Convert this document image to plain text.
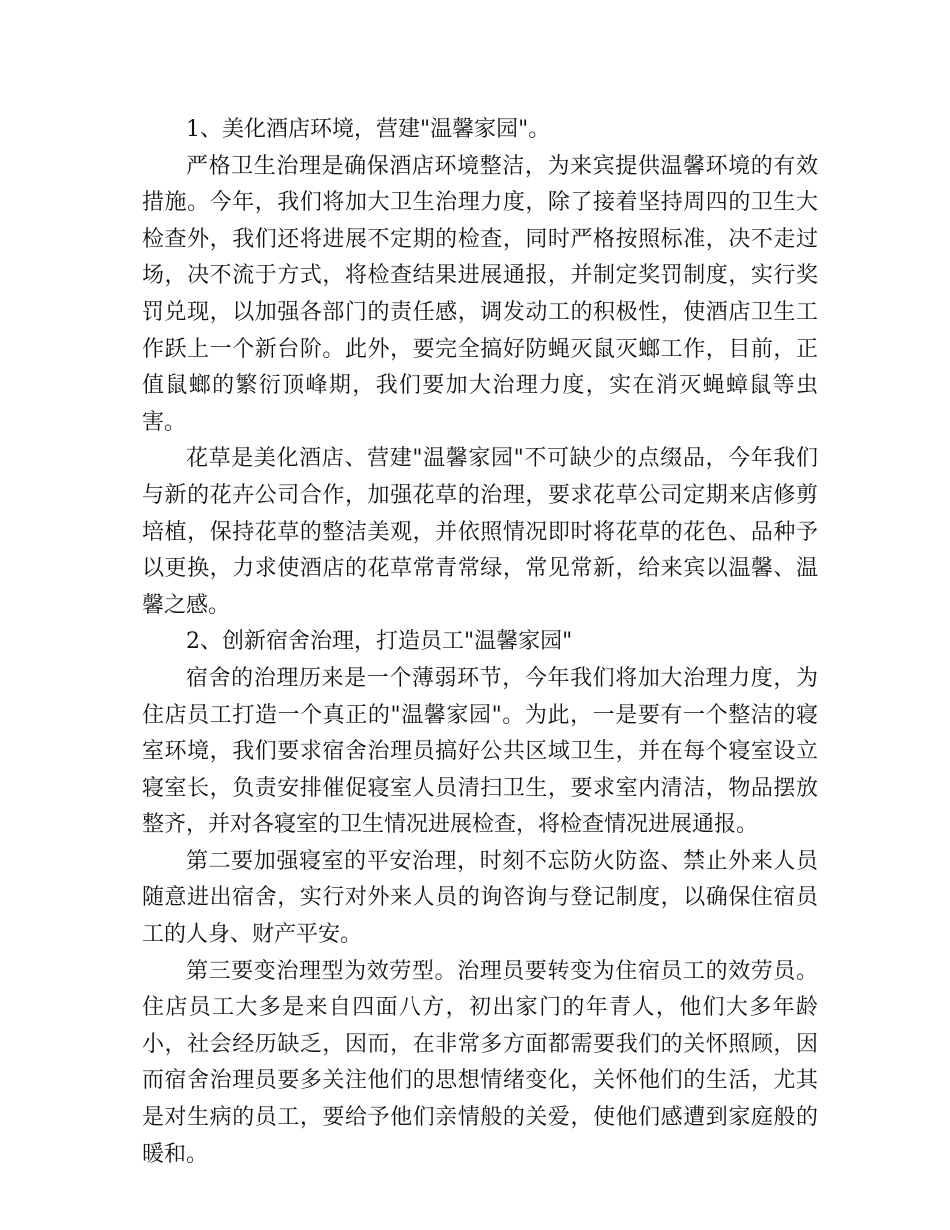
1、美化酒店环境，营建"温馨家园"。

严格卫生治理是确保酒店环境整洁，为来宾提供温馨环境的有效措施。今年，我们将加大卫生治理力度，除了接着坚持周四的卫生大检查外，我们还将进展不定期的检查，同时严格按照标准，决不走过场，决不流于方式，将检查结果进展通报，并制定奖罚制度，实行奖罚兑现，以加强各部门的责任感，调发动工的积极性，使酒店卫生工作跃上一个新台阶。此外，要完全搞好防蝇灭鼠灭螂工作，目前，正值鼠螂的繁衍顶峰期，我们要加大治理力度，实在消灭蝇蟑鼠等虫害。

花草是美化酒店、营建"温馨家园"不可缺少的点缀品，今年我们与新的花卉公司合作，加强花草的治理，要求花草公司定期来店修剪培植，保持花草的整洁美观，并依照情况即时将花草的花色、品种予以更换，力求使酒店的花草常青常绿，常见常新，给来宾以温馨、温馨之感。

2、创新宿舍治理，打造员工"温馨家园"

宿舍的治理历来是一个薄弱环节，今年我们将加大治理力度，为住店员工打造一个真正的"温馨家园"。为此，一是要有一个整洁的寝室环境，我们要求宿舍治理员搞好公共区域卫生，并在每个寝室设立寝室长，负责安排催促寝室人员清扫卫生，要求室内清洁，物品摆放整齐，并对各寝室的卫生情况进展检查，将检查情况进展通报。

第二要加强寝室的平安治理，时刻不忘防火防盗、禁止外来人员随意进出宿舍，实行对外来人员的询咨询与登记制度，以确保住宿员工的人身、财产平安。

第三要变治理型为效劳型。治理员要转变为住宿员工的效劳员。住店员工大多是来自四面八方，初出家门的年青人，他们大多年龄小，社会经历缺乏，因而，在非常多方面都需要我们的关怀照顾，因而宿舍治理员要多关注他们的思想情绪变化，关怀他们的生活，尤其是对生病的员工，要给予他们亲情般的关爱，使他们感遭到家庭般的暖和。
